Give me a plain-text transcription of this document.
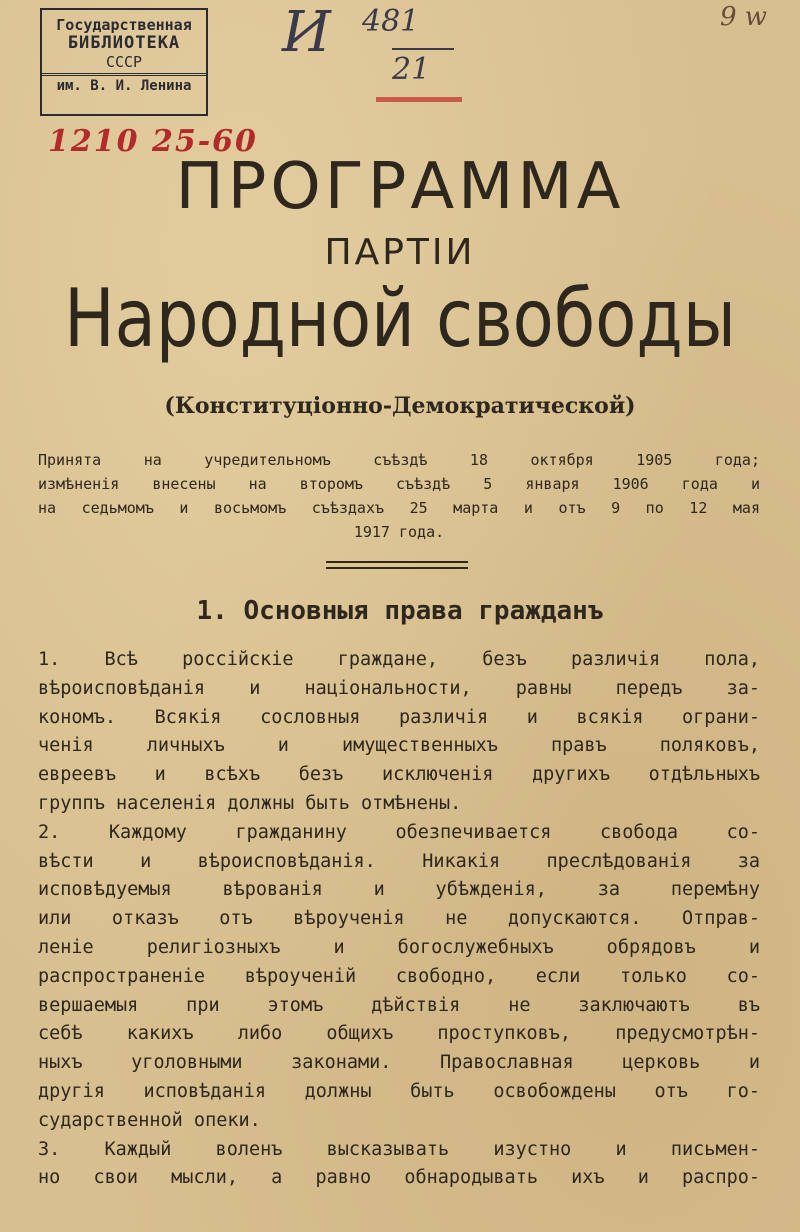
Государственная
БИБЛИОТЕКА
СССР
им. В. И. Ленина
И 481
21
9 w
1210 25-60
ПРОГРАММА
ПАРТIИ
Народной свободы
(Конституцiонно-Демократической)
Принята на учредительномъ съѣздѣ 18 октября 1905 года;
измѣненiя внесены на второмъ съѣздѣ 5 января 1906 года и
на седьмомъ и восьмомъ съѣздахъ 25 марта и отъ 9 по 12 мая
1917 года.
1. Основныя права гражданъ
1. Всѣ россiйскiе граждане, безъ различiя пола,
вѣроисповѣданiя и нацiональности, равны передъ за-
кономъ. Всякiя сословныя различiя и всякiя ограни-
ченiя личныхъ и имущественныхъ правъ поляковъ,
евреевъ и всѣхъ безъ исключенiя другихъ отдѣльныхъ
группъ населенiя должны быть отмѣнены.
2. Каждому гражданину обезпечивается свобода со-
вѣсти и вѣроисповѣданiя. Никакiя преслѣдованiя за
исповѣдуемыя вѣрованiя и убѣжденiя, за перемѣну
или отказъ отъ вѣроученiя не допускаются. Отправ-
ленiе религiозныхъ и богослужебныхъ обрядовъ и
распространенiе вѣроученiй свободно, если только со-
вершаемыя при этомъ дѣйствiя не заключаютъ въ
себѣ какихъ либо общихъ проступковъ, предусмотрѣн-
ныхъ уголовными законами. Православная церковь и
другiя исповѣданiя должны быть освобождены отъ го-
сударственной опеки.
3. Каждый воленъ высказывать изустно и письмен-
но свои мысли, а равно обнародывать ихъ и распро-
